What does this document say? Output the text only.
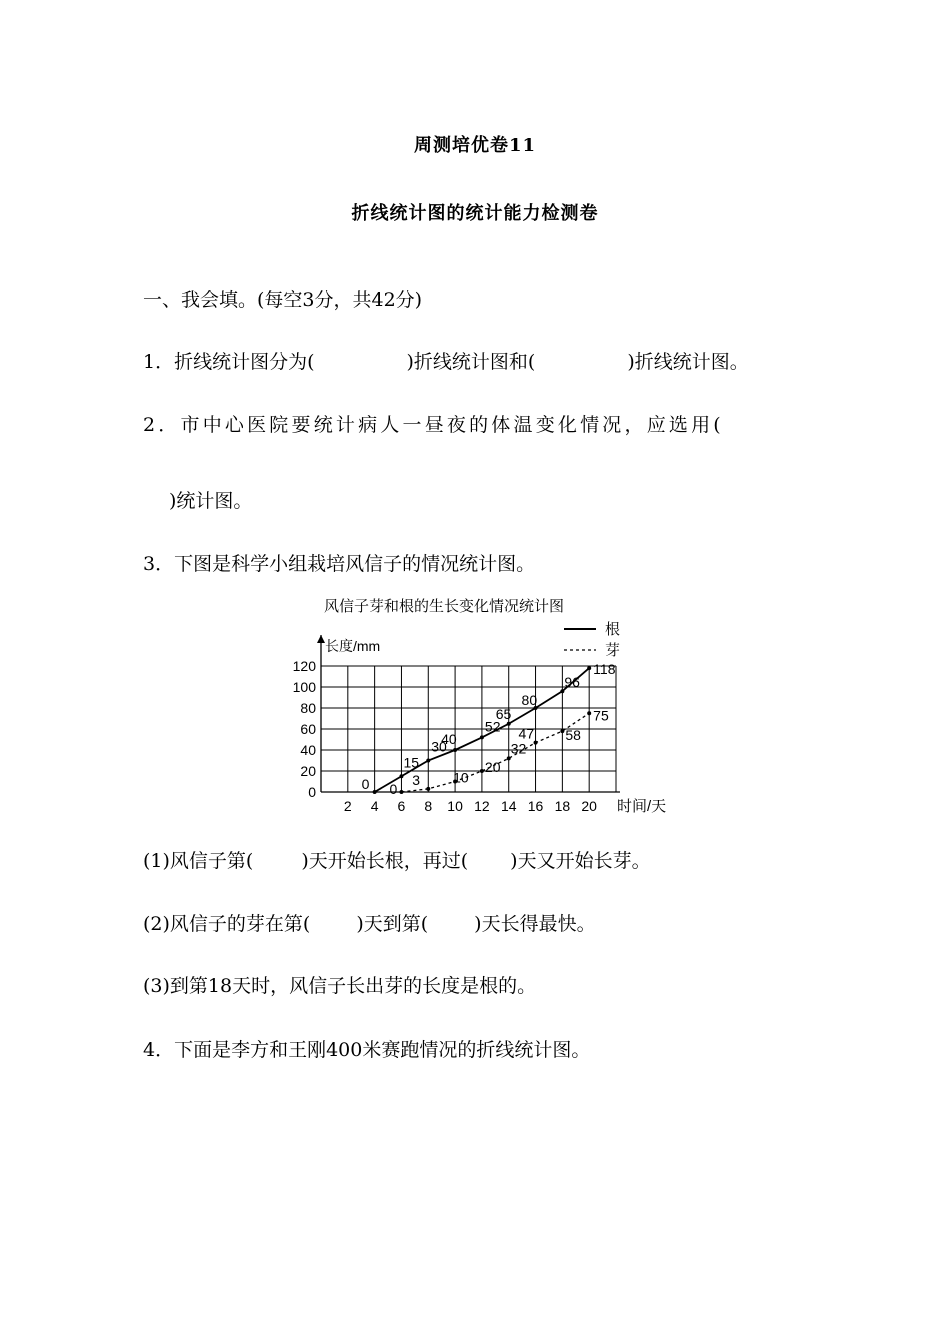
周测培优卷11
折线统计图的统计能力检测卷
一、我会填。(每空3分，共42分)
1．折线统计图分为(	)折线统计图和(	)折线统计图。
2．市中心医院要统计病人一昼夜的体温变化情况，应选用(
)统计图。
3．下图是科学小组栽培风信子的情况统计图。
风信子芽和根的生长变化情况统计图
长度/mm
时间/天
0
20
40
60
80
100
120
2 4 6 8 10 12 14 16 18 20
根
芽
0
15
30
40
52
65
80
96
118
0
3 10
20
32
47 58
75
(1)风信子第(	)天开始长根，再过( )天又开始长芽。
(2)风信子的芽在第( )天到第( )天长得最快。
(3)到第18天时，风信子长出芽的长度是根的。
4．下面是李方和王刚400米赛跑情况的折线统计图。
